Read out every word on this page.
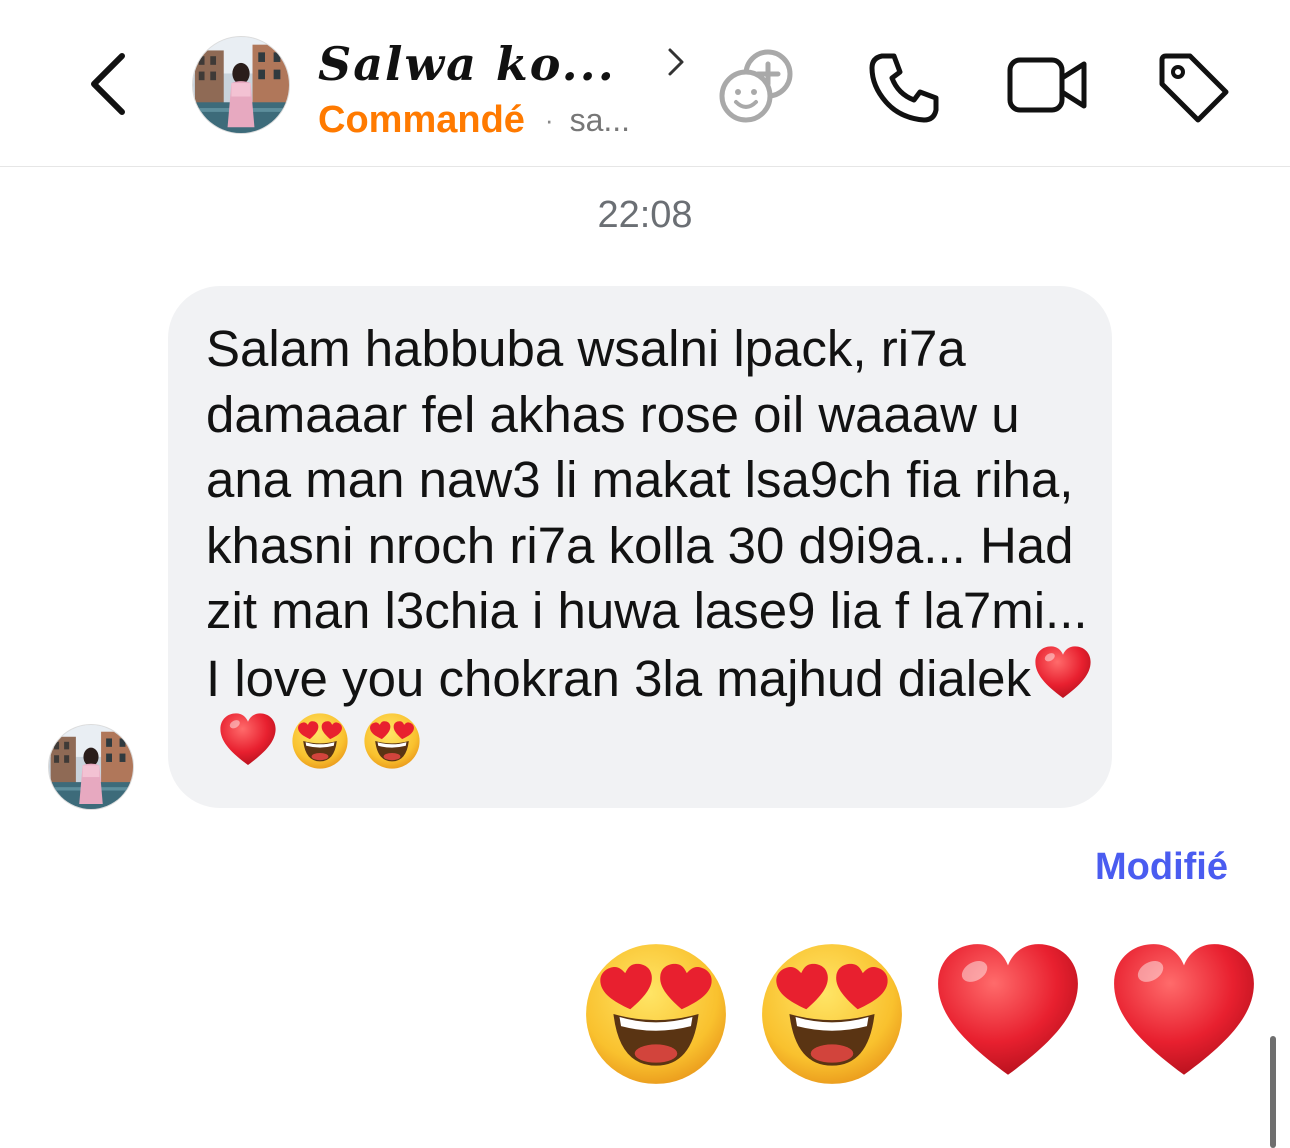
Salwa ko...
Commandé · sa...
22:08

Salam habbuba wsalni lpack, ri7a damaaar fel akhas rose oil waaaw u ana man naw3 li makat lsa9ch fia riha, khasni nroch ri7a kolla 30 d9i9a... Had zit man l3chia i huwa lase9 lia f la7mi... I love you chokran 3la majhud dialek

Modifié
